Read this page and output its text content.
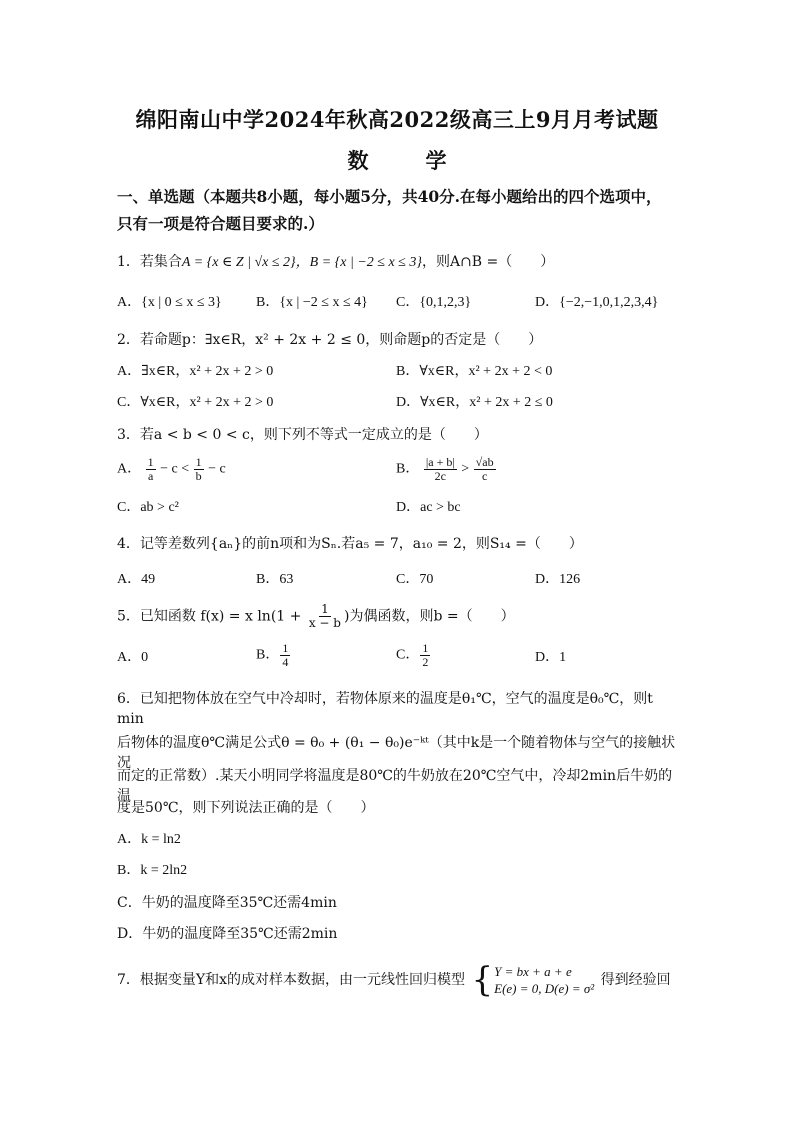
绵阳南山中学2024年秋高2022级高三上9月月考试题
数　学
一、单选题（本题共8小题，每小题5分，共40分.在每小题给出的四个选项中，
只有一项是符合题目要求的.）
1．若集合A = {x ∈ Z | √x ≤ 2}，B = {x | −2 ≤ x ≤ 3}，则A∩B =（　　）
A．{x | 0 ≤ x ≤ 3} B．{x | −2 ≤ x ≤ 4} C．{0,1,2,3}	D．{−2,−1,0,1,2,3,4}
2．若命题p：∃x∈R，x² + 2x + 2 ≤ 0，则命题p的否定是（　　）
A．∃x∈R，x² + 2x + 2 > 0	B．∀x∈R，x² + 2x + 2 < 0
C．∀x∈R，x² + 2x + 2 > 0	D．∀x∈R，x² + 2x + 2 ≤ 0
3．若a < b < 0 < c，则下列不等式一定成立的是（　　）
A． $\frac{1}{a} - c < \frac{1}{b} - c$	B． $\frac{|a + b|}{2c} > \frac{√ab}{c}$
C．ab > c²	D．ac > bc
4．记等差数列{aₙ}的前n项和为Sₙ.若a₅ = 7，a₁₀ = 2，则S₁₄ =（　　）
A．49	B．63	C．70	D．126
5．已知函数 f(x) = x $\ln(1 + \frac{1}{x - b}$ )为偶函数，则b =（　　）
A．0	B． $\frac{1}{4}$	C． $\frac{1}{2}$	D．1
6．已知把物体放在空气中冷却时，若物体原来的温度是θ₁℃，空气的温度是θ₀℃，则t min
后物体的温度θ℃满足公式θ = θ₀ + (θ₁ − θ₀)e⁻ᵏᵗ（其中k是一个随着物体与空气的接触状况
而定的正常数）.某天小明同学将温度是80℃的牛奶放在20℃空气中，冷却2min后牛奶的温
度是50℃，则下列说法正确的是（　　）
A．k = ln2
B．k = 2ln2
C．牛奶的温度降至35℃还需4min
D．牛奶的温度降至35℃还需2min
7．根据变量Y和x的成对样本数据，由一元线性回归模型 { Y = bx + a + e
E(e) = 0, D(e) = σ²
得到经验回
